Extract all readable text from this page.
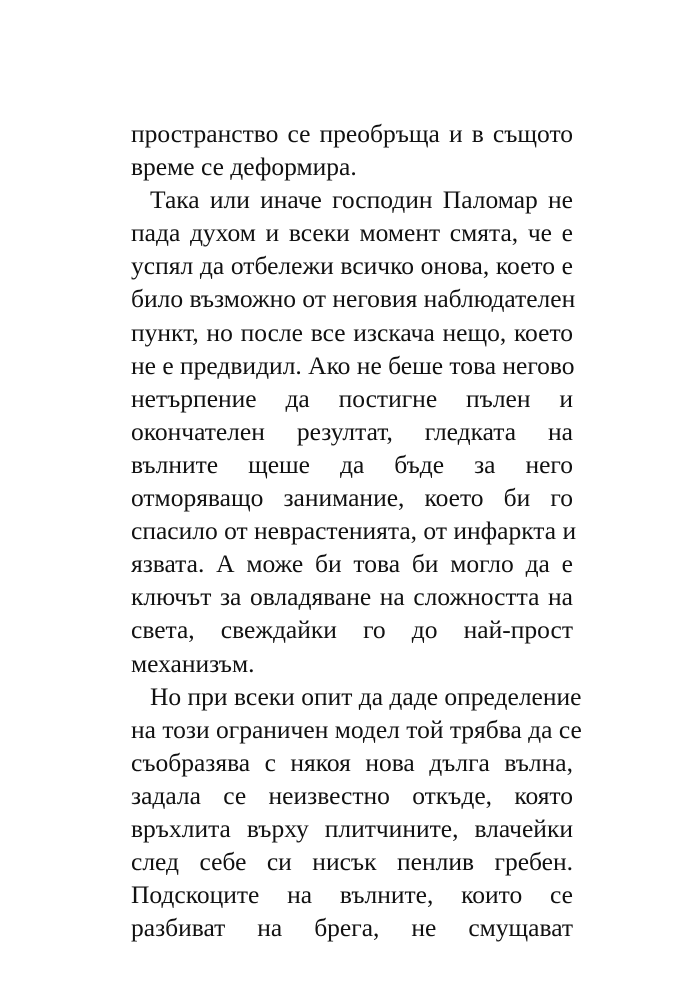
пространство се преобръща и в същото
време се деформира.
Така или иначе господин Паломар не
пада духом и всеки момент смята, че е
успял да отбележи всичко онова, което е
било възможно от неговия наблюдателен
пункт, но после все изскача нещо, което
не е предвидил. Ако не беше това негово
нетърпение да постигне пълен и
окончателен резултат, гледката на
вълните щеше да бъде за него
отморяващо занимание, което би го
спасило от неврастенията, от инфаркта и
язвата. А може би това би могло да е
ключът за овладяване на сложността на
света, свеждайки го до най-прост
механизъм.
Но при всеки опит да даде определение
на този ограничен модел той трябва да се
съобразява с някоя нова дълга вълна,
задала се неизвестно откъде, която
връхлита върху плитчините, влачейки
след себе си нисък пенлив гребен.
Подскоците на вълните, които се
разбиват на брега, не смущават
